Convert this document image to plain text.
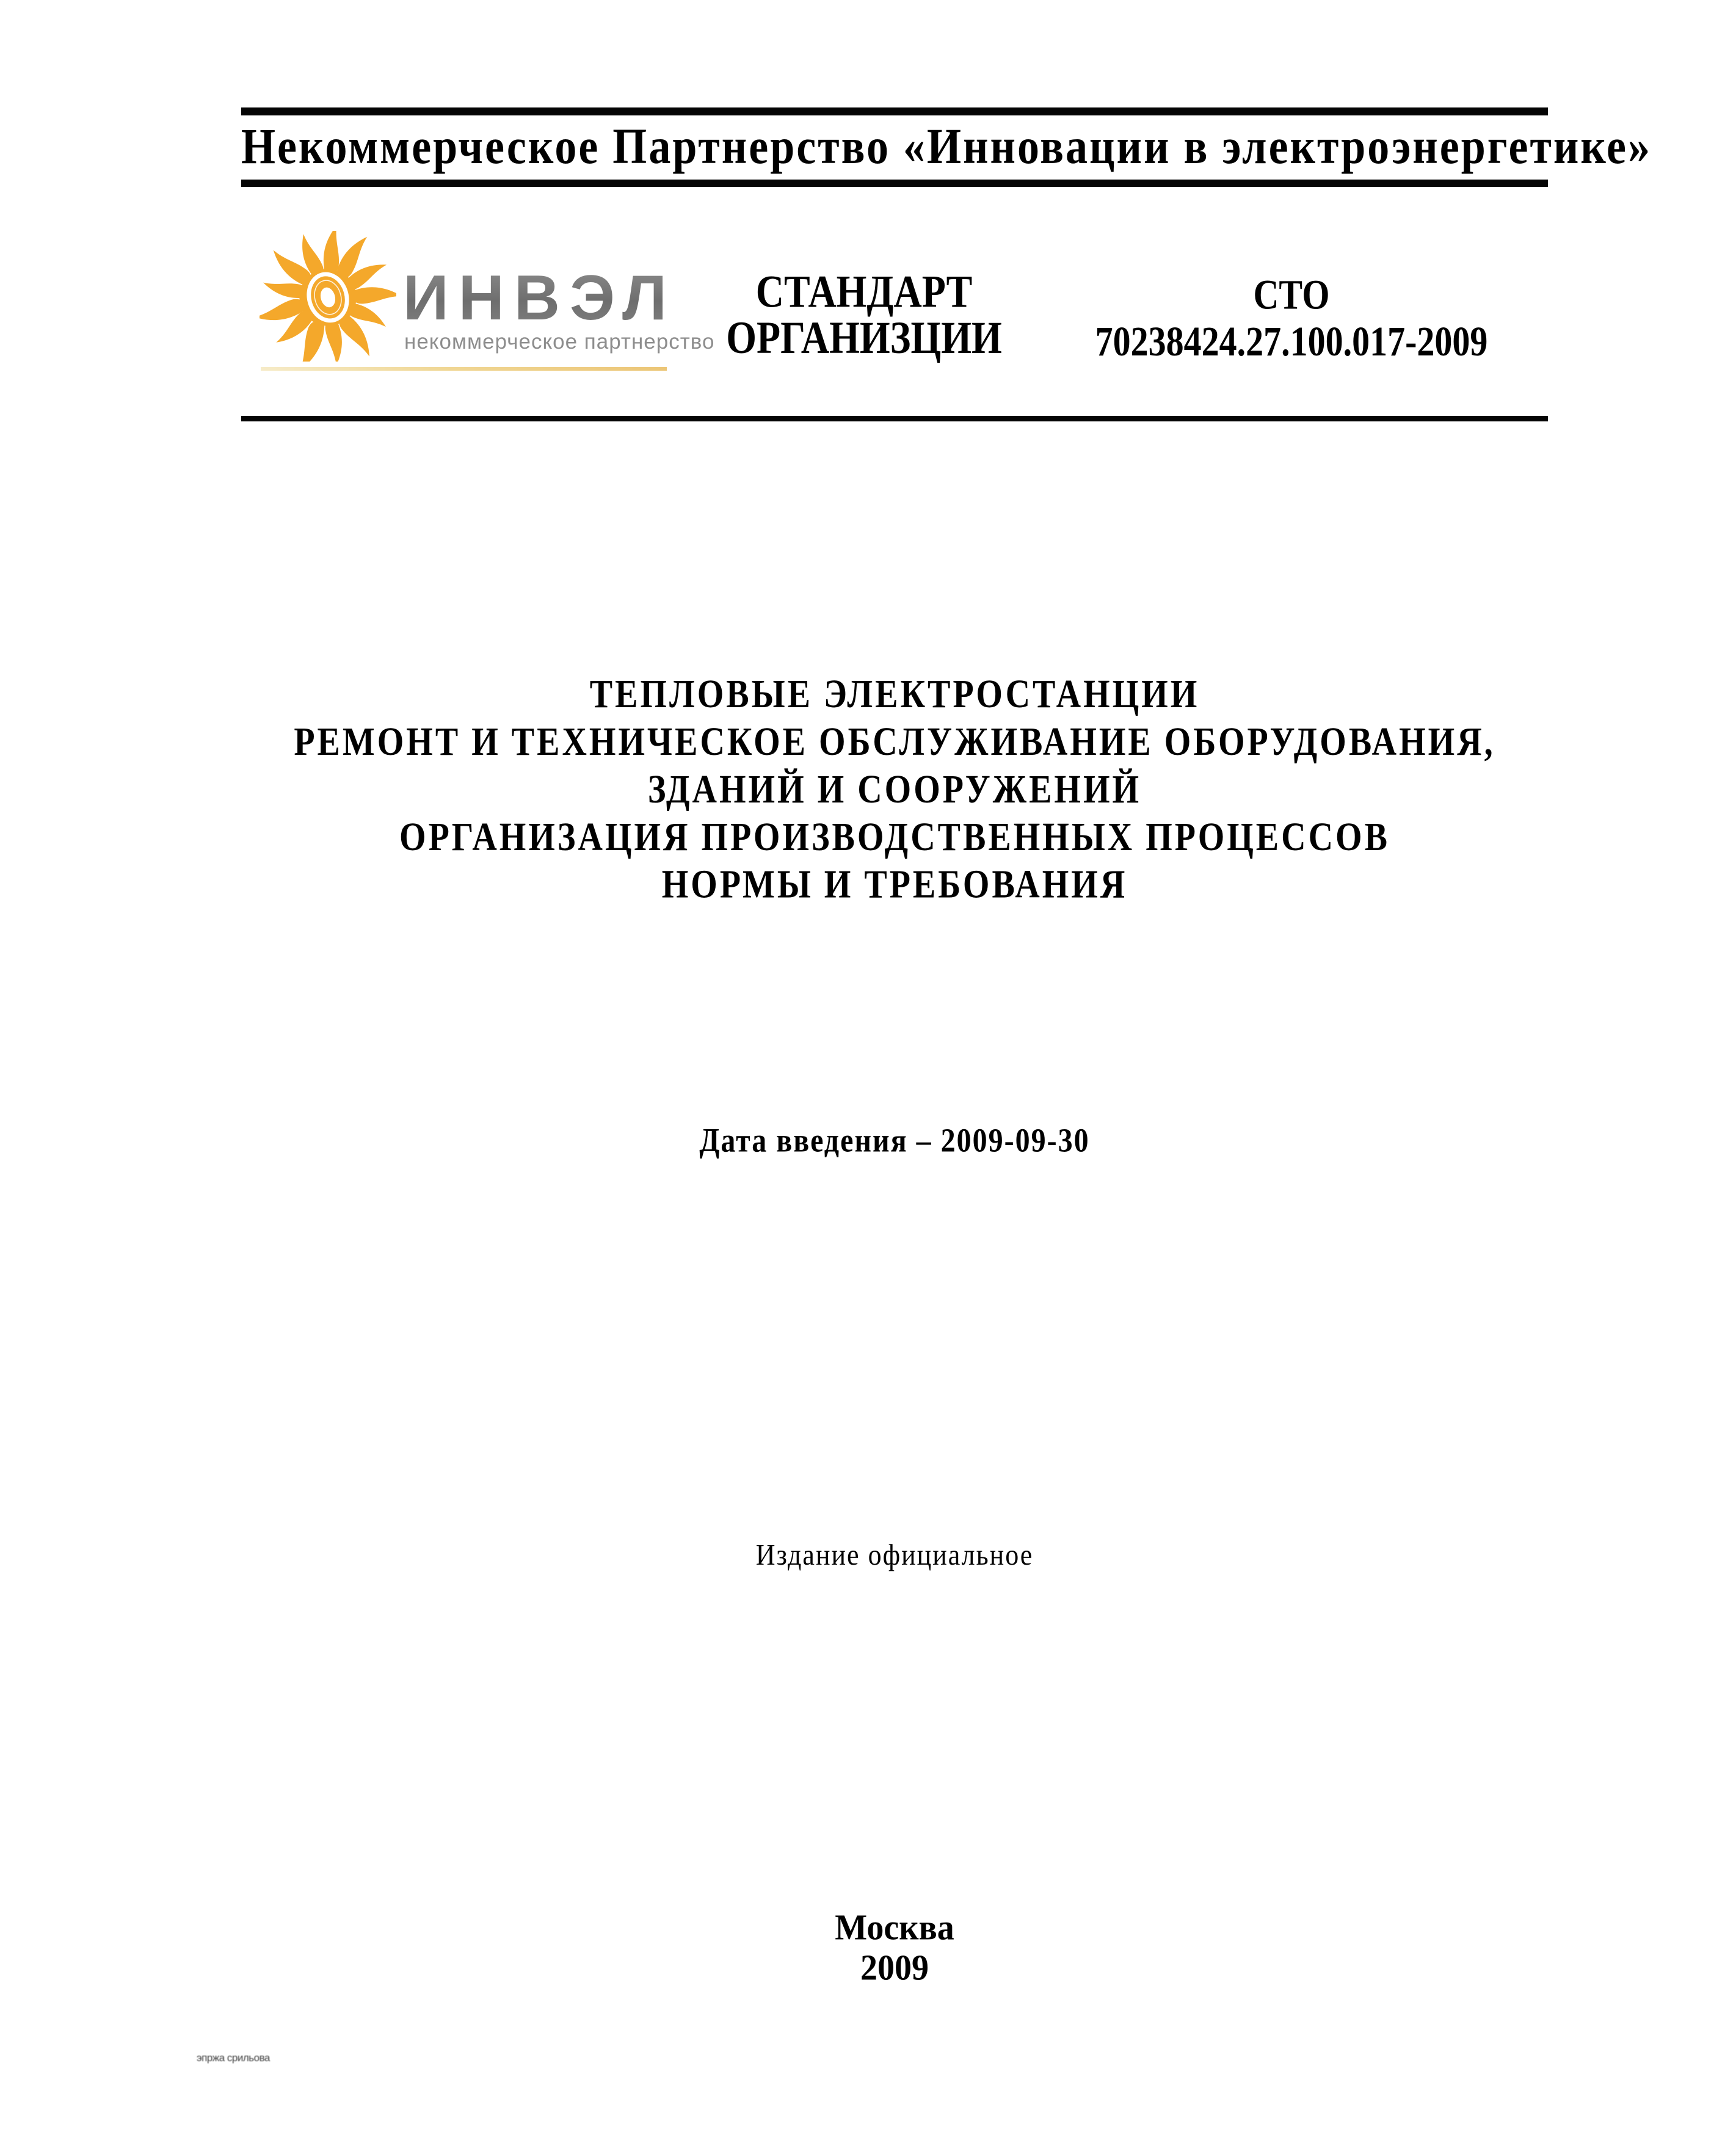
Некоммерческое Партнерство «Инновации в электроэнергетике»
ИНВЭЛ
некоммерческое партнерство
СТАНДАРТ
ОРГАНИЗЦИИ
СТО
70238424.27.100.017-2009
ТЕПЛОВЫЕ ЭЛЕКТРОСТАНЦИИ
РЕМОНТ И ТЕХНИЧЕСКОЕ ОБСЛУЖИВАНИЕ ОБОРУДОВАНИЯ,
ЗДАНИЙ И СООРУЖЕНИЙ
ОРГАНИЗАЦИЯ ПРОИЗВОДСТВЕННЫХ ПРОЦЕССОВ
НОРМЫ И ТРЕБОВАНИЯ
Дата введения – 2009-09-30
Издание официальное
Москва
2009
эпржа срильова
